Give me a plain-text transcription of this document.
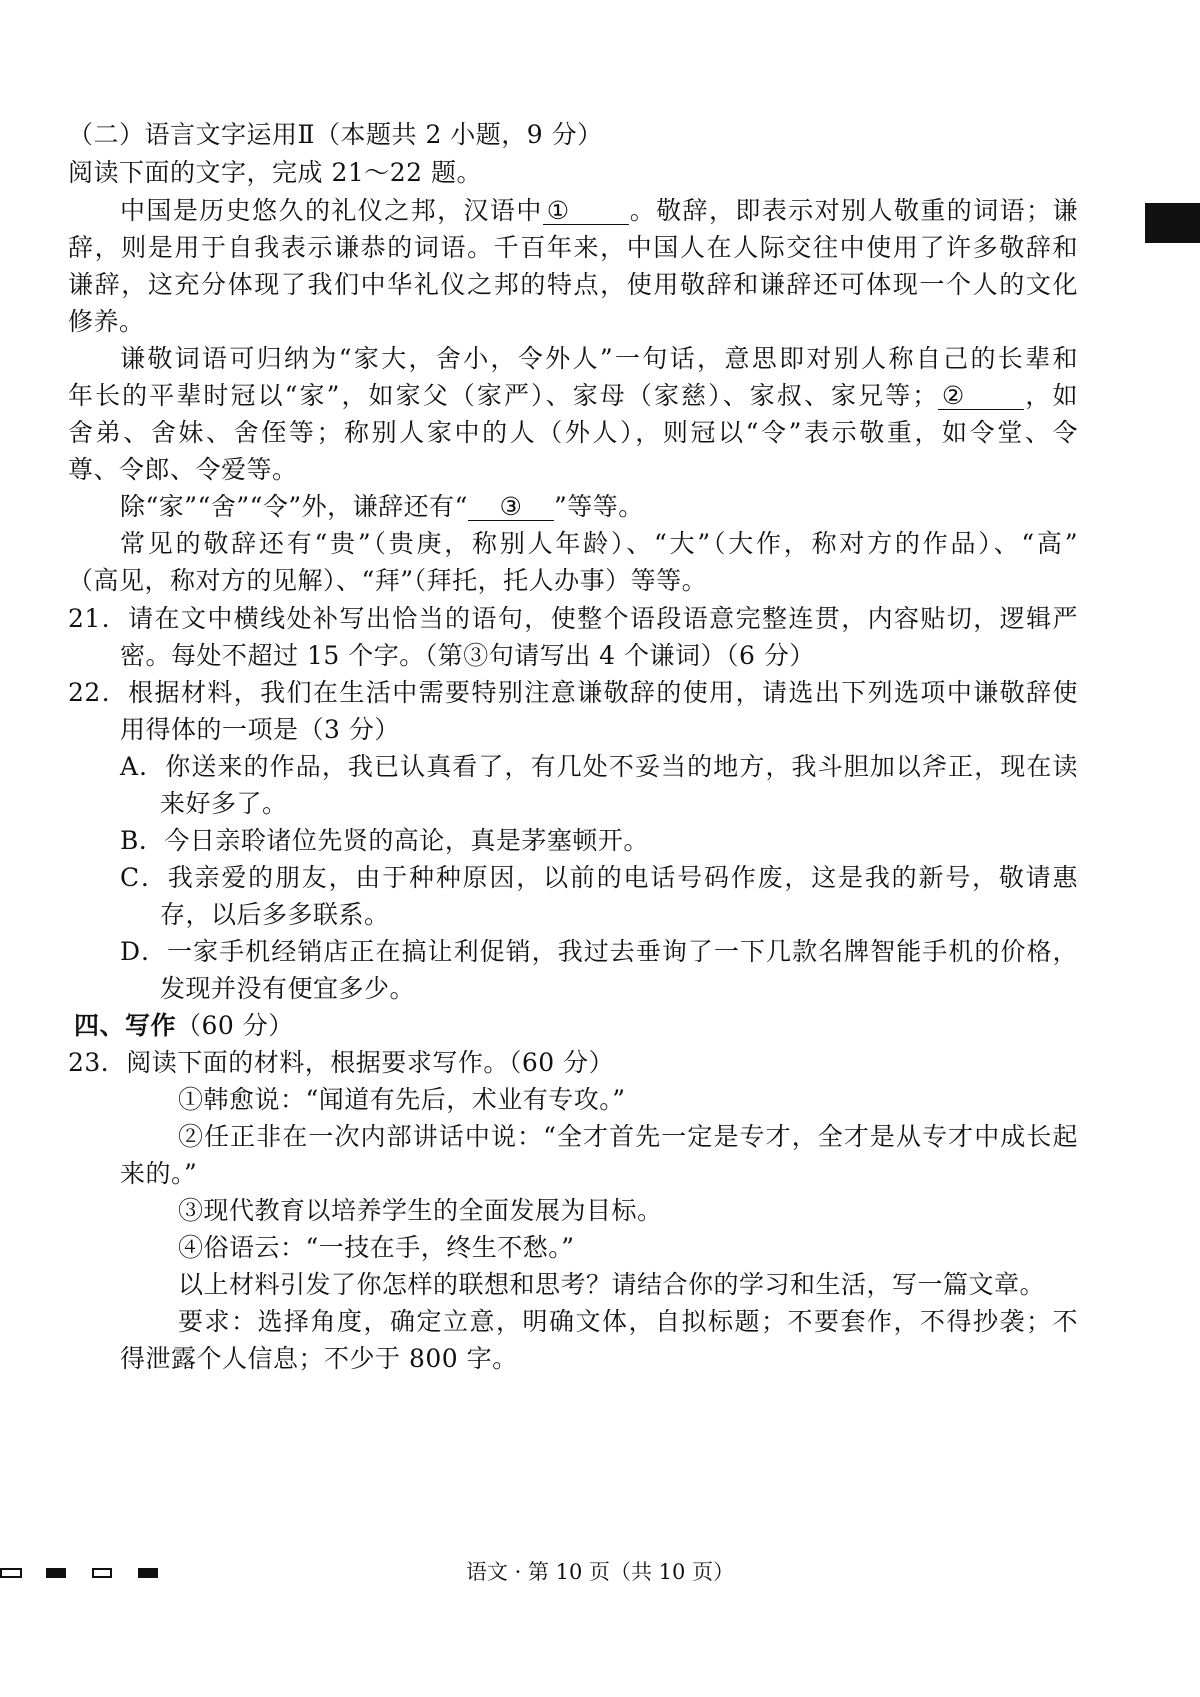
（二）语言文字运用Ⅱ（本题共 2 小题，9 分）
阅读下面的文字，完成 21～22 题。
中国是历史悠久的礼仪之邦，汉语中 ① 。敬辞，即表示对别人敬重的词语；谦
辞，则是用于自我表示谦恭的词语。千百年来，中国人在人际交往中使用了许多敬辞和
谦辞，这充分体现了我们中华礼仪之邦的特点，使用敬辞和谦辞还可体现一个人的文化
修养。
谦敬词语可归纳为“家大，舍小，令外人”一句话，意思即对别人称自己的长辈和
年长的平辈时冠以“家”，如家父（家严）、家母（家慈）、家叔、家兄等； ② ，如
舍弟、舍妹、舍侄等；称别人家中的人（外人），则冠以“令”表示敬重，如令堂、令
尊、令郎、令爱等。
除“家”“舍”“令”外，谦辞还有“ ③ ”等等。
常见的敬辞还有“贵”（贵庚，称别人年龄）、“大”（大作，称对方的作品）、“高”
（高见，称对方的见解）、“拜”（拜托，托人办事）等等。
21．请在文中横线处补写出恰当的语句，使整个语段语意完整连贯，内容贴切，逻辑严
密。每处不超过 15 个字。（第③句请写出 4 个谦词）（6 分）
22．根据材料，我们在生活中需要特别注意谦敬辞的使用，请选出下列选项中谦敬辞使
用得体的一项是（3 分）
A．你送来的作品，我已认真看了，有几处不妥当的地方，我斗胆加以斧正，现在读
来好多了。
B．今日亲聆诸位先贤的高论，真是茅塞顿开。
C．我亲爱的朋友，由于种种原因，以前的电话号码作废，这是我的新号，敬请惠
存，以后多多联系。
D．一家手机经销店正在搞让利促销，我过去垂询了一下几款名牌智能手机的价格，
发现并没有便宜多少。
四、写作（60 分）
23．阅读下面的材料，根据要求写作。（60 分）
①韩愈说：“闻道有先后，术业有专攻。”
②任正非在一次内部讲话中说：“全才首先一定是专才，全才是从专才中成长起
来的。”
③现代教育以培养学生的全面发展为目标。
④俗语云：“一技在手，终生不愁。”
以上材料引发了你怎样的联想和思考？请结合你的学习和生活，写一篇文章。
要求：选择角度，确定立意，明确文体，自拟标题；不要套作，不得抄袭；不
得泄露个人信息；不少于 800 字。
语文 · 第 10 页（共 10 页）
